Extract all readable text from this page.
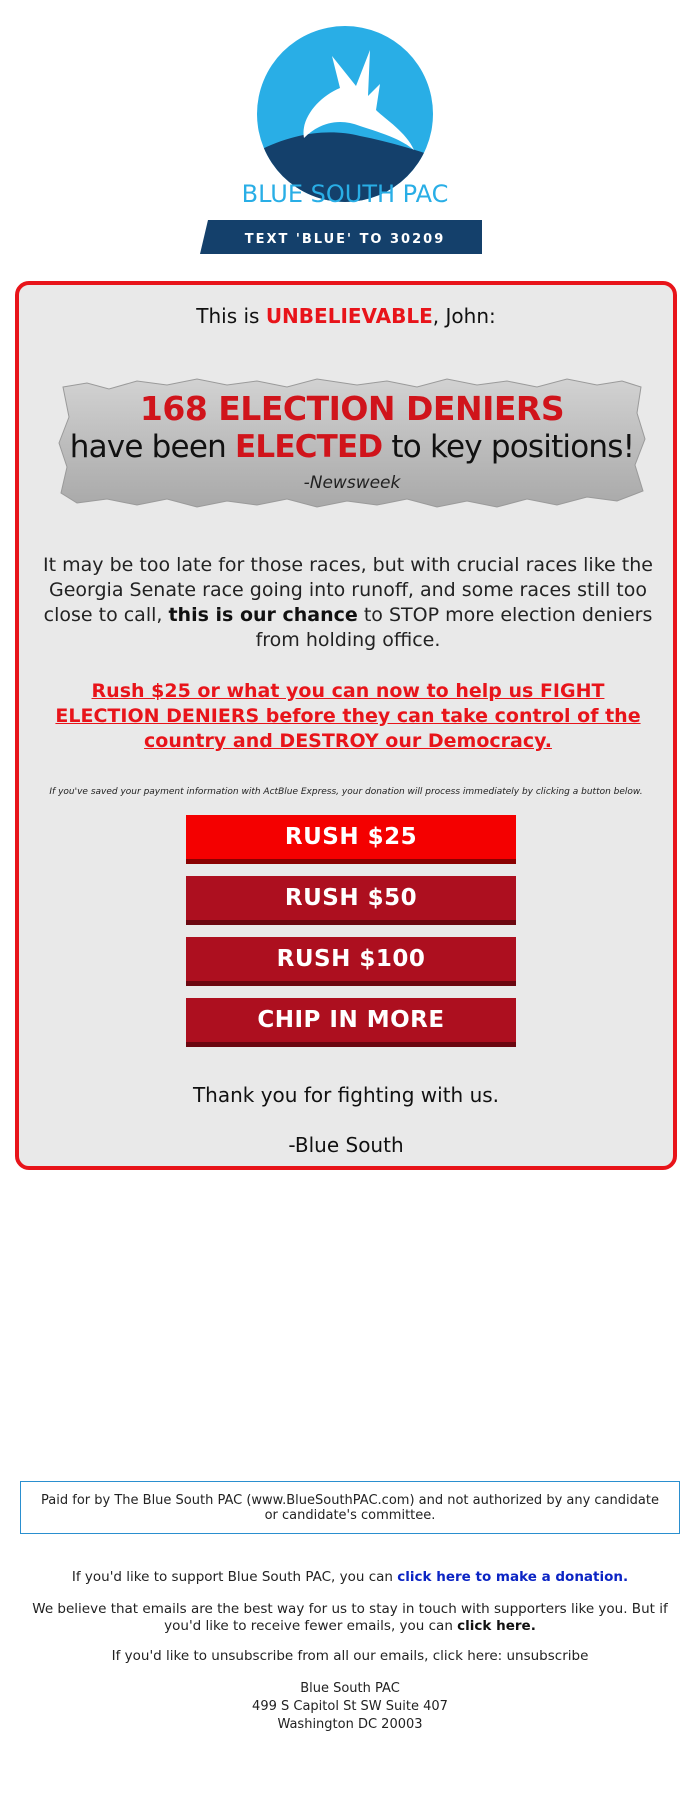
BLUE SOUTH PAC
TEXT 'BLUE' TO 30209
This is UNBELIEVABLE, John:
168 ELECTION DENIERS
have been ELECTED to key positions!
-Newsweek
It may be too late for those races, but with crucial races like the Georgia Senate race going into runoff, and some races still too close to call, this is our chance to STOP more election deniers from holding office.
Rush $25 or what you can now to help us FIGHT ELECTION DENIERS before they can take control of the country and DESTROY our Democracy.
If you've saved your payment information with ActBlue Express, your donation will process immediately by clicking a button below.
RUSH $25
RUSH $50
RUSH $100
CHIP IN MORE
Thank you for fighting with us.
-Blue South
Paid for by The Blue South PAC (www.BlueSouthPAC.com) and not authorized by any candidate or candidate's committee.
If you'd like to support Blue South PAC, you can click here to make a donation.
We believe that emails are the best way for us to stay in touch with supporters like you. But if you'd like to receive fewer emails, you can click here.
If you'd like to unsubscribe from all our emails, click here: unsubscribe
Blue South PAC
499 S Capitol St SW Suite 407
Washington DC 20003
